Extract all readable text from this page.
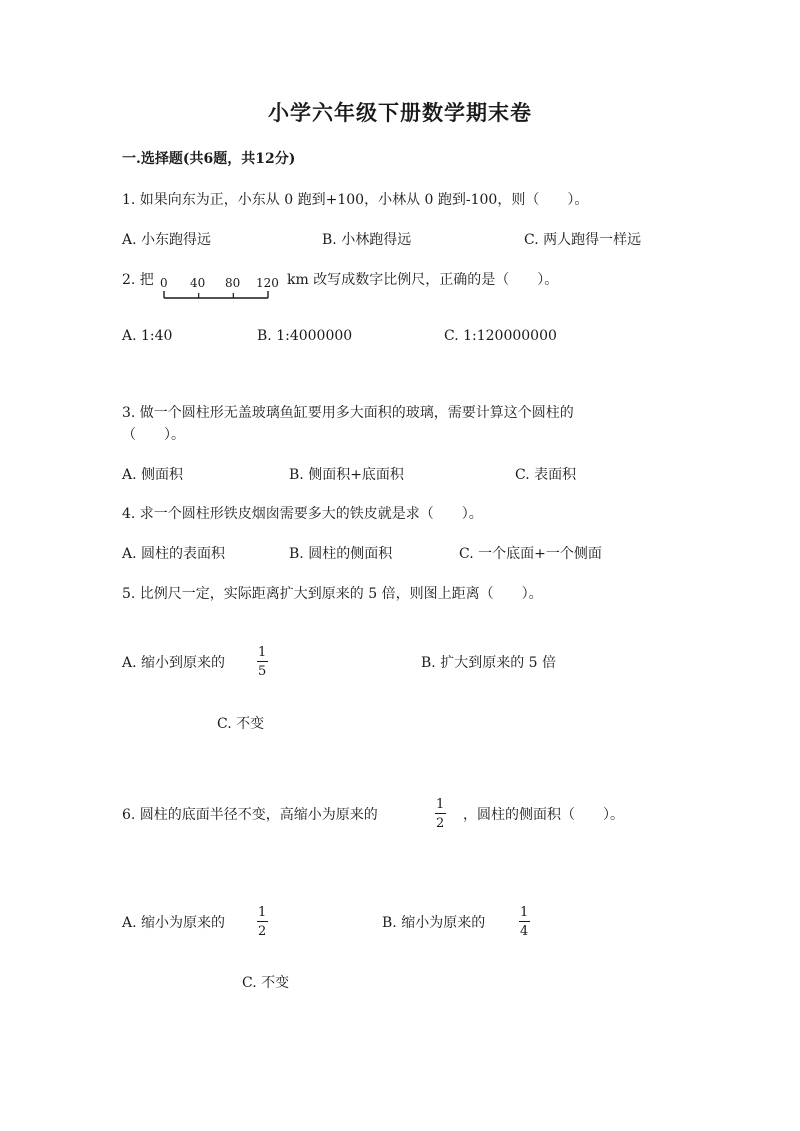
小学六年级下册数学期末卷
一.选择题(共6题，共12分)
1. 如果向东为正，小东从 0 跑到+100，小林从 0 跑到-100，则（　　）。
A. 小东跑得远	B. 小林跑得远	C. 两人跑得一样远
2. 把 0 40 80 120 km 改写成数字比例尺，正确的是（　　）。
A. 1:40	B. 1:4000000	C. 1:120000000
3. 做一个圆柱形无盖玻璃鱼缸要用多大面积的玻璃，需要计算这个圆柱的
（　　）。
A. 侧面积	B. 侧面积+底面积	C. 表面积
4. 求一个圆柱形铁皮烟囱需要多大的铁皮就是求（　　）。
A. 圆柱的表面积	B. 圆柱的侧面积	C. 一个底面+一个侧面
5. 比例尺一定，实际距离扩大到原来的 5 倍，则图上距离（　　）。
A. 缩小到原来的
1
5
B. 扩大到原来的 5 倍
C. 不变
6. 圆柱的底面半径不变，高缩小为原来的
1
2
，圆柱的侧面积（　　）。
A. 缩小为原来的
1
2
B. 缩小为原来的
1
4
C. 不变
